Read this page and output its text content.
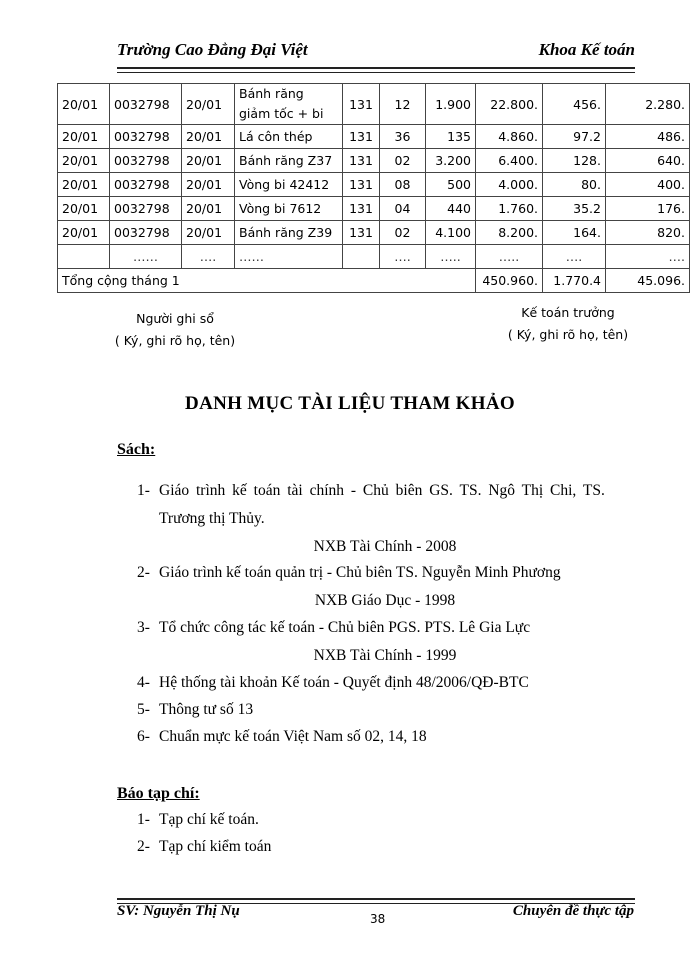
Trường Cao Đẳng Đại Việt	Khoa Kế toán
20/01	0032798	20/01	Bánh răng giảm tốc + bi	131	12	1.900	22.800.	456.	2.280.
20/01	0032798	20/01	Lá côn thép	131	36	135	4.860.	97.2	486.
20/01	0032798	20/01	Bánh răng Z37	131	02	3.200	6.400.	128.	640.
20/01	0032798	20/01	Vòng bi 42412	131	08	500	4.000.	80.	400.
20/01	0032798	20/01	Vòng bi 7612	131	04	440	1.760.	35.2	176.
20/01	0032798	20/01	Bánh răng Z39	131	02	4.100	8.200.	164.	820.
	……	….	……		….	…..	…..	….	….
Tổng cộng tháng 1							450.960.	1.770.4	45.096.
Người ghi sổ
( Ký, ghi rõ họ, tên)
Kế toán trưởng
( Ký, ghi rõ họ, tên)
DANH MỤC TÀI LIỆU THAM KHẢO
Sách:
1- Giáo trình kế toán tài chính - Chủ biên GS. TS. Ngô Thị Chi, TS.
Trương thị Thủy.
NXB Tài Chính - 2008
2- Giáo trình kế toán quản trị - Chủ biên TS. Nguyễn Minh Phương
NXB Giáo Dục - 1998
3- Tổ chức công tác kế toán - Chủ biên PGS. PTS. Lê Gia Lực
NXB Tài Chính - 1999
4- Hệ thống tài khoản Kế toán - Quyết định 48/2006/QĐ-BTC
5- Thông tư số 13
6- Chuẩn mực kế toán Việt Nam số 02, 14, 18
Báo tạp chí:
1- Tạp chí kế toán.
2- Tạp chí kiểm toán
SV: Nguyễn Thị Nụ	38	Chuyên đề thực tập
